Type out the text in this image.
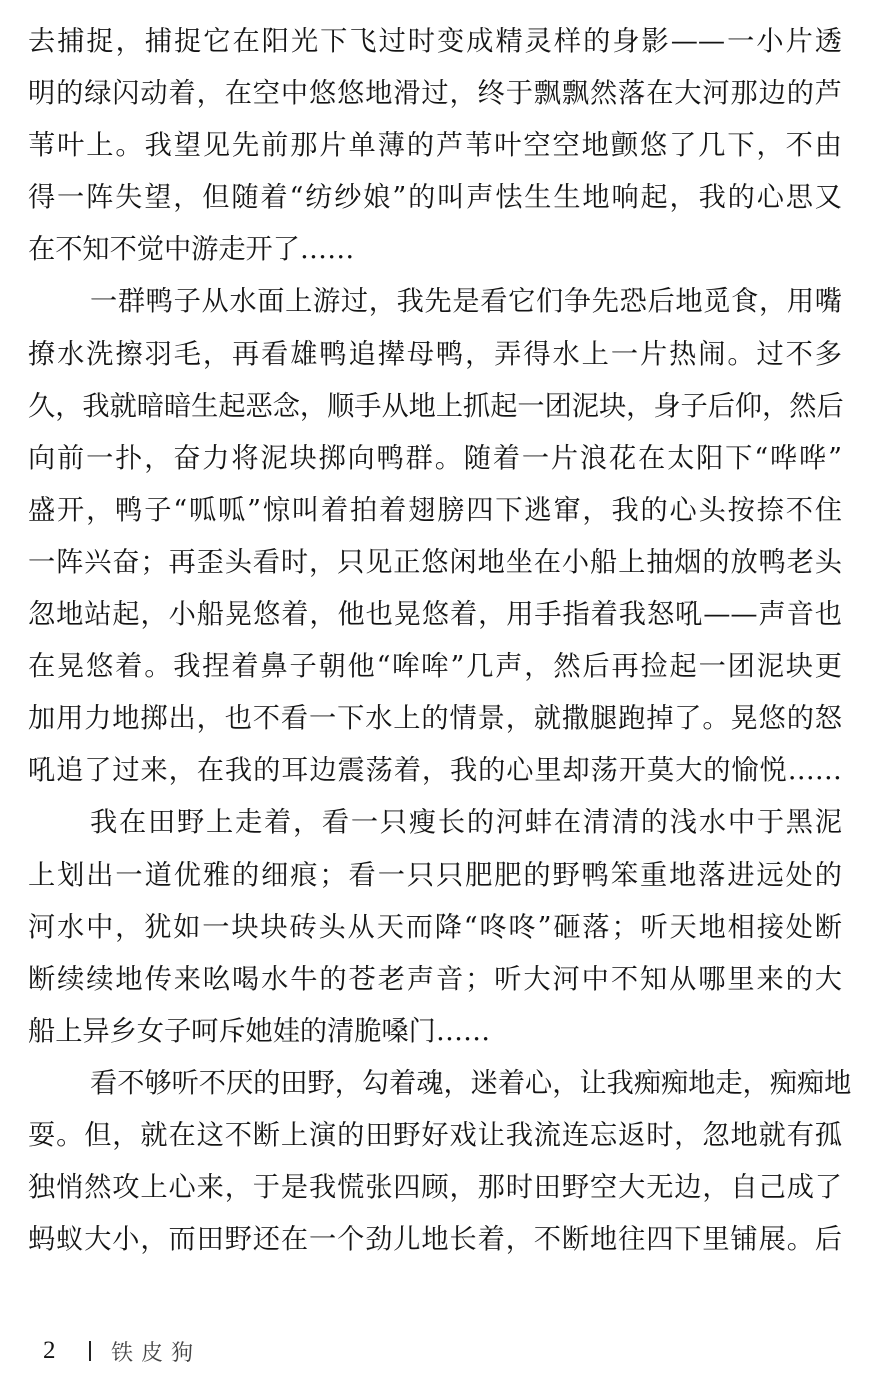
去捕捉，捕捉它在阳光下飞过时变成精灵样的身影——一小片透
明的绿闪动着，在空中悠悠地滑过，终于飘飘然落在大河那边的芦
苇叶上。我望见先前那片单薄的芦苇叶空空地颤悠了几下，不由
得一阵失望，但随着“纺纱娘”的叫声怯生生地响起，我的心思又
在不知不觉中游走开了……
一群鸭子从水面上游过，我先是看它们争先恐后地觅食，用嘴
撩水洗擦羽毛，再看雄鸭追撵母鸭，弄得水上一片热闹。过不多
久，我就暗暗生起恶念，顺手从地上抓起一团泥块，身子后仰，然后
向前一扑，奋力将泥块掷向鸭群。随着一片浪花在太阳下“哗哗”
盛开，鸭子“呱呱”惊叫着拍着翅膀四下逃窜，我的心头按捺不住
一阵兴奋；再歪头看时，只见正悠闲地坐在小船上抽烟的放鸭老头
忽地站起，小船晃悠着，他也晃悠着，用手指着我怒吼——声音也
在晃悠着。我捏着鼻子朝他“哞哞”几声，然后再捡起一团泥块更
加用力地掷出，也不看一下水上的情景，就撒腿跑掉了。晃悠的怒
吼追了过来，在我的耳边震荡着，我的心里却荡开莫大的愉悦……
我在田野上走着，看一只瘦长的河蚌在清清的浅水中于黑泥
上划出一道优雅的细痕；看一只只肥肥的野鸭笨重地落进远处的
河水中，犹如一块块砖头从天而降“咚咚”砸落；听天地相接处断
断续续地传来吆喝水牛的苍老声音；听大河中不知从哪里来的大
船上异乡女子呵斥她娃的清脆嗓门……
看不够听不厌的田野，勾着魂，迷着心，让我痴痴地走，痴痴地
耍。但，就在这不断上演的田野好戏让我流连忘返时，忽地就有孤
独悄然攻上心来，于是我慌张四顾，那时田野空大无边，自己成了
蚂蚁大小，而田野还在一个劲儿地长着，不断地往四下里铺展。后
2	铁皮狗
